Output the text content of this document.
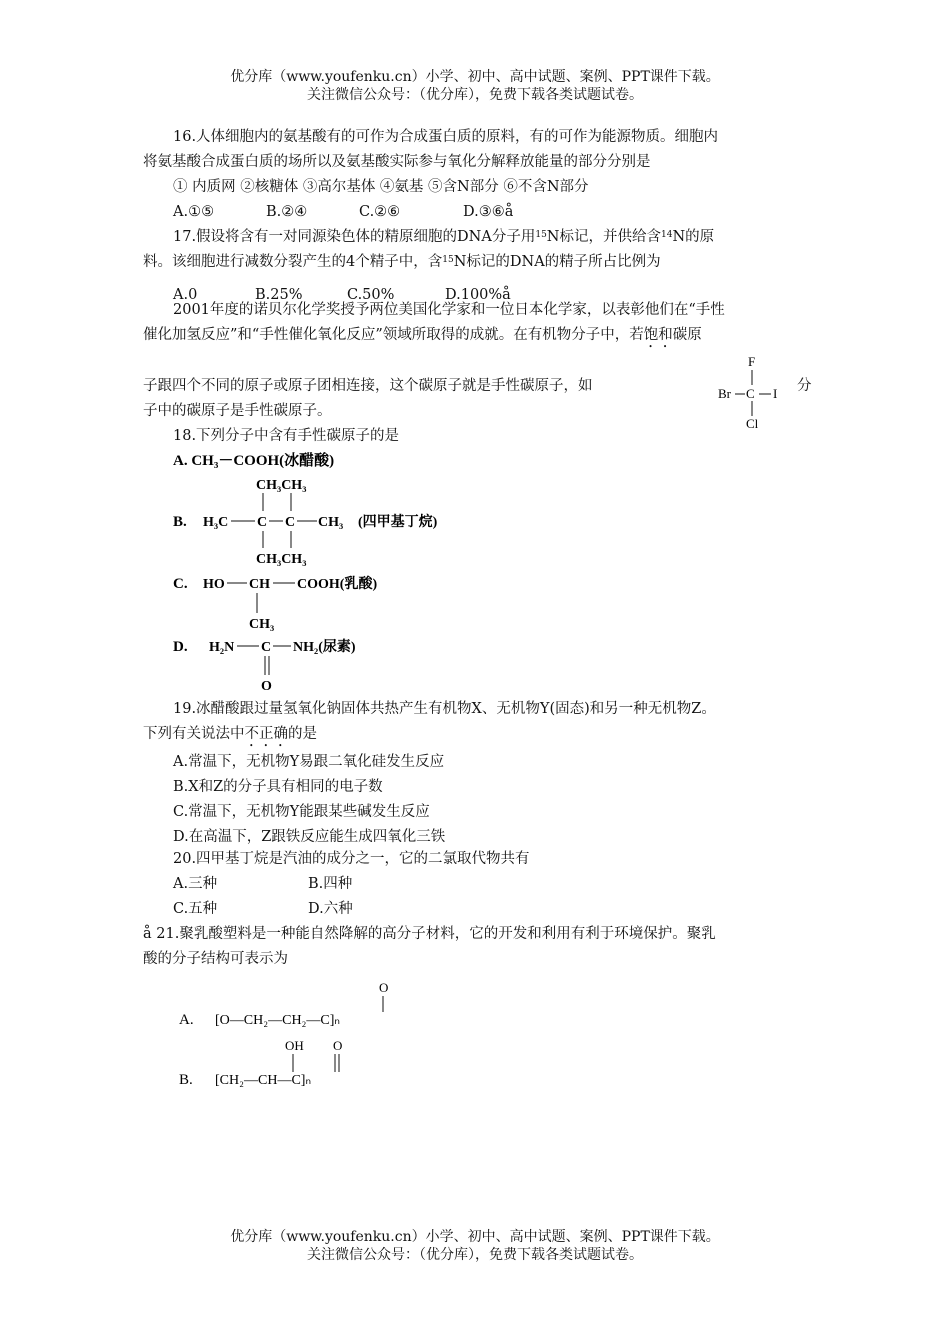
优分库（www.youfenku.cn）小学、初中、高中试题、案例、PPT课件下载。
关注微信公众号：（优分库），免费下载各类试题试卷。
16.人体细胞内的氨基酸有的可作为合成蛋白质的原料，有的可作为能源物质。细胞内
将氨基酸合成蛋白质的场所以及氨基酸实际参与氧化分解释放能量的部分分别是
① 内质网 ②核糖体 ③高尔基体 ④氨基 ⑤含N部分 ⑥不含N部分
A.①⑤	B.②④	C.②⑥	D.③⑥å
17.假设将含有一对同源染色体的精原细胞的DNA分子用$^{15}$N标记，并供给含$^{14}$N的原
料。该细胞进行减数分裂产生的4个精子中，含$^{15}$N标记的DNA的精子所占比例为
A.0	B.25%	C.50%	D.100%å
2001年度的诺贝尔化学奖授予两位美国化学家和一位日本化学家，以表彰他们在“手性
催化加氢反应”和“手性催化氧化反应”领域所取得的成就。在有机物分子中，若饱和碳原
子跟四个不同的原子或原子团相连接，这个碳原子就是手性碳原子，如	分
子中的碳原子是手性碳原子。
F
Br C I
Cl
18.下列分子中含有手性碳原子的是
A. CH₃－COOH(冰醋酸)
CH₃CH₃
B. H₃C C C CH₃ (四甲基丁烷)
CH₃CH₃
C. HO CH COOH(乳酸)
CH₃
D. H₂N C NH₂(尿素)
O
19.冰醋酸跟过量氢氧化钠固体共热产生有机物X、无机物Y(固态)和另一种无机物Z。
下列有关说法中不正确的是
A.常温下，无机物Y易跟二氧化硅发生反应
B.X和Z的分子具有相同的电子数
C.常温下，无机物Y能跟某些碱发生反应
D.在高温下，Z跟铁反应能生成四氧化三铁
20.四甲基丁烷是汽油的成分之一，它的二氯取代物共有
A.三种	B.四种
C.五种	D.六种
å 21.聚乳酸塑料是一种能自然降解的高分子材料，它的开发和利用有利于环境保护。聚乳
酸的分子结构可表示为
O
A. [O—CH₂—CH₂—C]ₙ
OH O
B. [CH₂—CH—C]ₙ
优分库（www.youfenku.cn）小学、初中、高中试题、案例、PPT课件下载。
关注微信公众号：（优分库），免费下载各类试题试卷。
